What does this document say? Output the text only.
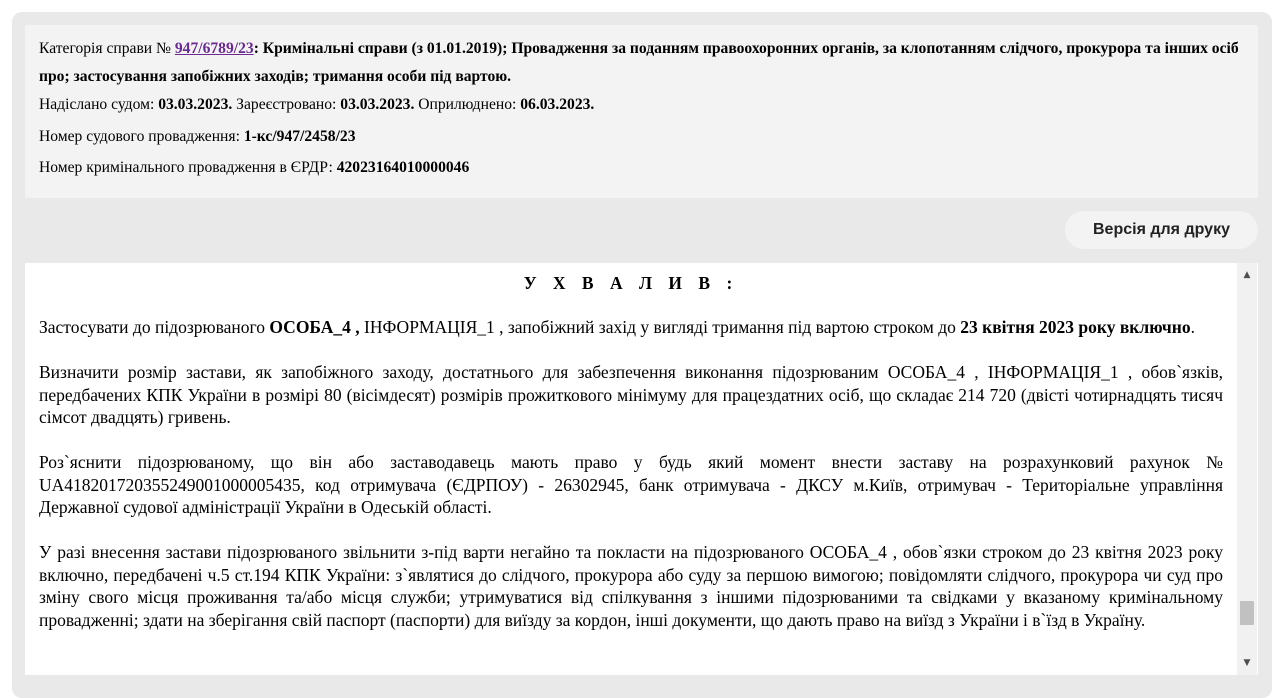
Категорія справи № 947/6789/23: Кримінальні справи (з 01.01.2019); Провадження за поданням правоохоронних органів, за клопотанням слідчого, прокурора та інших осіб про; застосування запобіжних заходів; тримання особи під вартою.

Надіслано судом: 03.03.2023. Зареєстровано: 03.03.2023. Оприлюднено: 06.03.2023.

Номер судового провадження: 1-кс/947/2458/23

Номер кримінального провадження в ЄРДР: 42023164010000046

Версія для друку
У Х В А Л И В :

Застосувати до підозрюваного ОСОБА_4 , ІНФОРМАЦІЯ_1 , запобіжний захід у вигляді тримання під вартою строком до 23 квітня 2023 року включно.

Визначити розмір застави, як запобіжного заходу, достатнього для забезпечення виконання підозрюваним ОСОБА_4 , ІНФОРМАЦІЯ_1 , обов`язків, передбачених КПК України в розмірі 80 (вісімдесят) розмірів прожиткового мінімуму для працездатних осіб, що складає 214 720 (двісті чотирнадцять тисяч сімсот двадцять) гривень.

Роз`яснити підозрюваному, що він або заставодавець мають право у будь який момент внести заставу на розрахунковий рахунок № UA418201720355249001000005435, код отримувача (ЄДРПОУ) - 26302945, банк отримувача - ДКСУ м.Київ, отримувач - Територіальне управління Державної судової адміністрації України в Одеській області.

У разі внесення застави підозрюваного звільнити з-під варти негайно та покласти на підозрюваного ОСОБА_4 , обов`язки строком до 23 квітня 2023 року включно, передбачені ч.5 ст.194 КПК України: з`являтися до слідчого, прокурора або суду за першою вимогою; повідомляти слідчого, прокурора чи суд про зміну свого місця проживання та/або місця служби; утримуватися від спілкування з іншими підозрюваними та свідками у вказаному кримінальному провадженні; здати на зберігання свій паспорт (паспорти) для виїзду за кордон, інші документи, що дають право на виїзд з України і в`їзд в Україну.

▲
▼
